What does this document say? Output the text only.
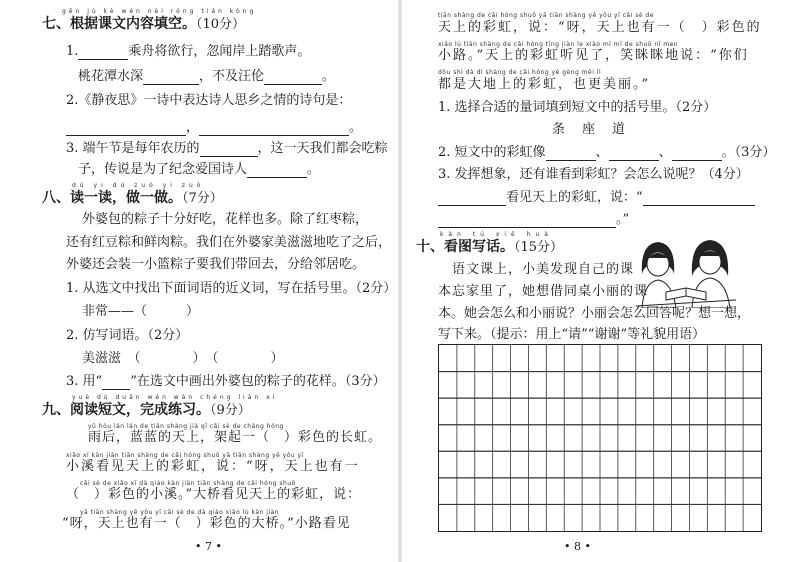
gēn jù kè wén nèi róng tián kòng
七、根据课文内容填空。（10分）
1.	乘舟将欲行，忽闻岸上踏歌声。
桃花潭水深	，不及汪伦	。
2.《静夜思》一诗中表达诗人思乡之情的诗句是：
，	。
3. 端午节是每年农历的	，这一天我们都会吃粽
子，传说是为了纪念爱国诗人	。
dú yi dú zuò yi zuò
八、读一读，做一做。（7分）
外婆包的粽子十分好吃，花样也多。除了红枣粽，
还有红豆粽和鲜肉粽。我们在外婆家美滋滋地吃了之后，
外婆还会装一小篮粽子要我们带回去，分给邻居吃。
1. 从选文中找出下面词语的近义词，写在括号里。（2分）
非常——（　　　）
2. 仿写词语。（2分）
美滋滋　（　　　　）　（　　　　）
3. 用“ ”在选文中画出外婆包的粽子的花样。（3分）
yuè dú duǎn wén wán chéng liàn xí
九、阅读短文，完成练习。（9分）
yǔ hòu lán lán de tiān shàng jià qǐ cǎi sè de cháng hóng
雨后，蓝蓝的天上，架起一（　）彩色的长虹。
xiǎo xī kàn jiàn tiān shàng de cǎi hóng shuō yā tiān shàng yě yǒu yī
小溪看见天上的彩虹，说：“呀，天上也有一
cǎi sè de xiǎo xī dà qiáo kàn jiàn tiān shàng de cǎi hóng shuō
（　）彩色的小溪。”大桥看见天上的彩虹，说：
yā tiān shàng yě yǒu yī cǎi sè de dà qiáo xiǎo lù kàn jiàn
“呀，天上也有一（　）彩色的大桥。”小路看见
• 7 •
tiān shàng de cǎi hóng shuō yā tiān shàng yě yǒu yī cǎi sè de
天上的彩虹，说：“呀，天上也有一（　）彩色的
xiǎo lù tiān shàng de cǎi hóng tīng jiàn le xiào mī mī de shuō nǐ men
小路。”天上的彩虹听见了，笑眯眯地说：“你们
dōu shì dà dì shàng de cǎi hóng yě gèng měi lì
都是大地上的彩虹，也更美丽。”
1. 选择合适的量词填到短文中的括号里。（2分）
条　座　道
2. 短文中的彩虹像	、	、	。（3分）
3. 发挥想象，还有谁看到彩虹？会怎么说呢？（4分）
看见天上的彩虹，说：“
。”
kàn tú xiě huà
十、看图写话。（15分）
语文课上，小美发现自己的课
本忘家里了，她想借同桌小丽的课
本。她会怎么和小丽说？小丽会怎么回答呢？想一想，
写下来。（提示：用上“请”“谢谢”等礼貌用语）
• 8 •
